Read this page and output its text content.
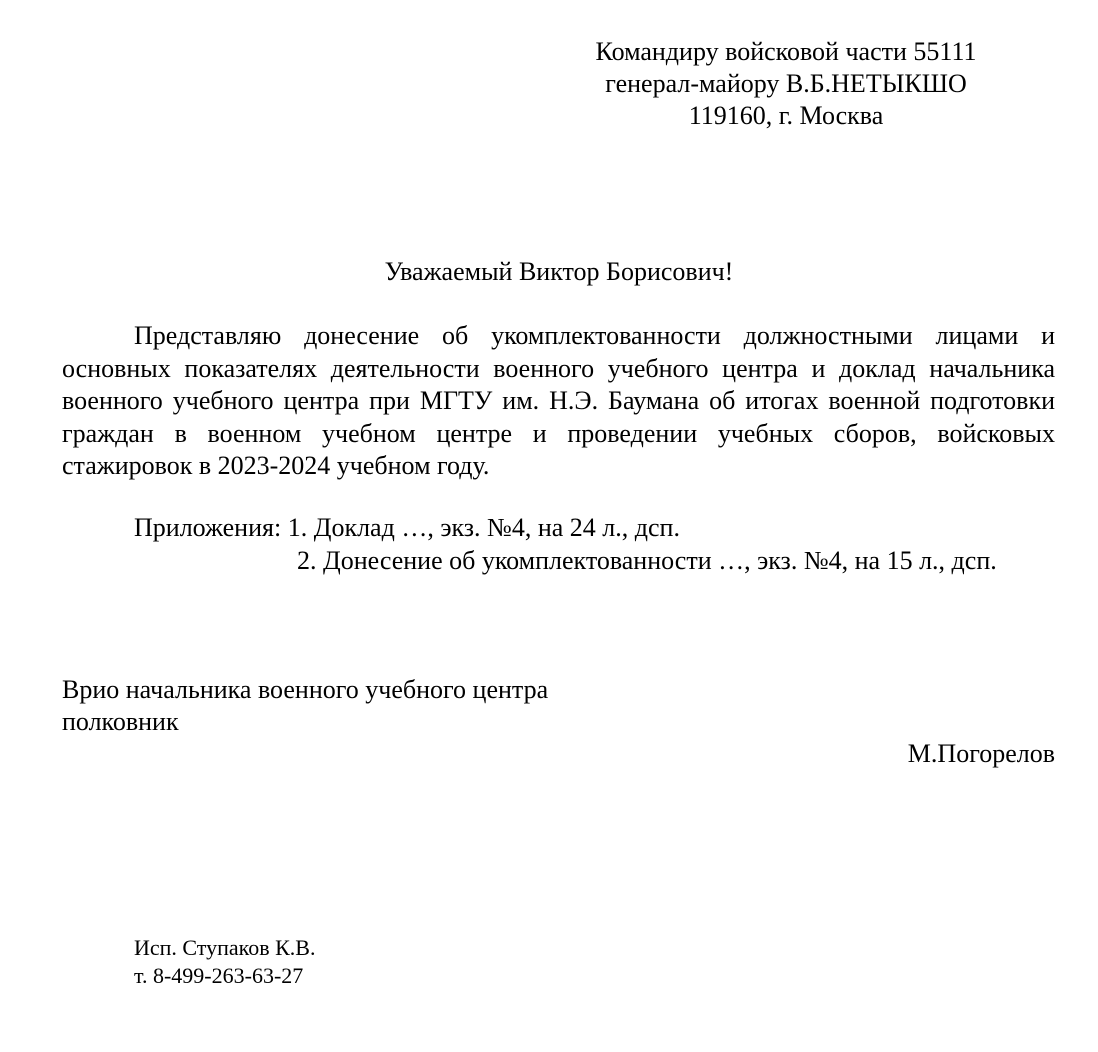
Командиру войсковой части 55111
генерал-майору В.Б.НЕТЫКШО
119160, г. Москва
Уважаемый Виктор Борисович!

Представляю донесение об укомплектованности должностными лицами и основных показателях деятельности военного учебного центра и доклад начальника военного учебного центра при МГТУ им. Н.Э. Баумана об итогах военной подготовки граждан в военном учебном центре и проведении учебных сборов, войсковых стажировок в 2023-2024 учебном году.

Приложения: 1. Доклад …, экз. №4, на 24 л., дсп.
2. Донесение об укомплектованности …, экз. №4, на 15 л., дсп.
Врио начальника военного учебного центра
полковник
М.Погорелов
Исп. Ступаков К.В.
т. 8-499-263-63-27
